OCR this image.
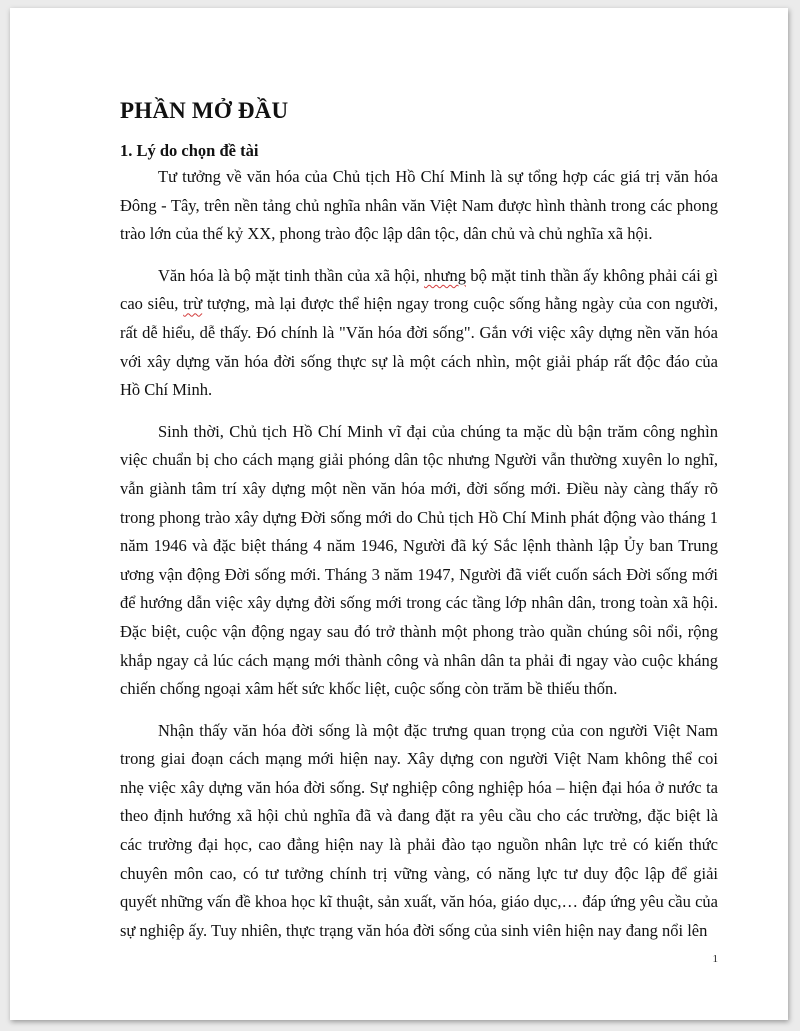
PHẦN MỞ ĐẦU
1. Lý do chọn đề tài

Tư tưởng về văn hóa của Chủ tịch Hồ Chí Minh là sự tổng hợp các giá trị văn hóa Đông - Tây, trên nền tảng chủ nghĩa nhân văn Việt Nam được hình thành trong các phong trào lớn của thế kỷ XX, phong trào độc lập dân tộc, dân chủ và chủ nghĩa xã hội.

Văn hóa là bộ mặt tinh thần của xã hội, nhưng bộ mặt tinh thần ấy không phải cái gì cao siêu, trừ tượng, mà lại được thể hiện ngay trong cuộc sống hằng ngày của con người, rất dễ hiểu, dễ thấy. Đó chính là "Văn hóa đời sống". Gắn với việc xây dựng nền văn hóa với xây dựng văn hóa đời sống thực sự là một cách nhìn, một giải pháp rất độc đáo của Hồ Chí Minh.

Sinh thời, Chủ tịch Hồ Chí Minh vĩ đại của chúng ta mặc dù bận trăm công nghìn việc chuẩn bị cho cách mạng giải phóng dân tộc nhưng Người vẫn thường xuyên lo nghĩ, vẫn giành tâm trí xây dựng một nền văn hóa mới, đời sống mới. Điều này càng thấy rõ trong phong trào xây dựng Đời sống mới do Chủ tịch Hồ Chí Minh phát động vào tháng 1 năm 1946 và đặc biệt tháng 4 năm 1946, Người đã ký Sắc lệnh thành lập Ủy ban Trung ương vận động Đời sống mới. Tháng 3 năm 1947, Người đã viết cuốn sách Đời sống mới để hướng dẫn việc xây dựng đời sống mới trong các tầng lớp nhân dân, trong toàn xã hội. Đặc biệt, cuộc vận động ngay sau đó trở thành một phong trào quần chúng sôi nổi, rộng khắp ngay cả lúc cách mạng mới thành công và nhân dân ta phải đi ngay vào cuộc kháng chiến chống ngoại xâm hết sức khốc liệt, cuộc sống còn trăm bề thiếu thốn.

Nhận thấy văn hóa đời sống là một đặc trưng quan trọng của con người Việt Nam trong giai đoạn cách mạng mới hiện nay. Xây dựng con người Việt Nam không thể coi nhẹ việc xây dựng văn hóa đời sống. Sự nghiệp công nghiệp hóa – hiện đại hóa ở nước ta theo định hướng xã hội chủ nghĩa đã và đang đặt ra yêu cầu cho các trường, đặc biệt là các trường đại học, cao đẳng hiện nay là phải đào tạo nguồn nhân lực trẻ có kiến thức chuyên môn cao, có tư tưởng chính trị vững vàng, có năng lực tư duy độc lập để giải quyết những vấn đề khoa học kĩ thuật, sản xuất, văn hóa, giáo dục,… đáp ứng yêu cầu của sự nghiệp ấy. Tuy nhiên, thực trạng văn hóa đời sống của sinh viên hiện nay đang nổi lên

1
